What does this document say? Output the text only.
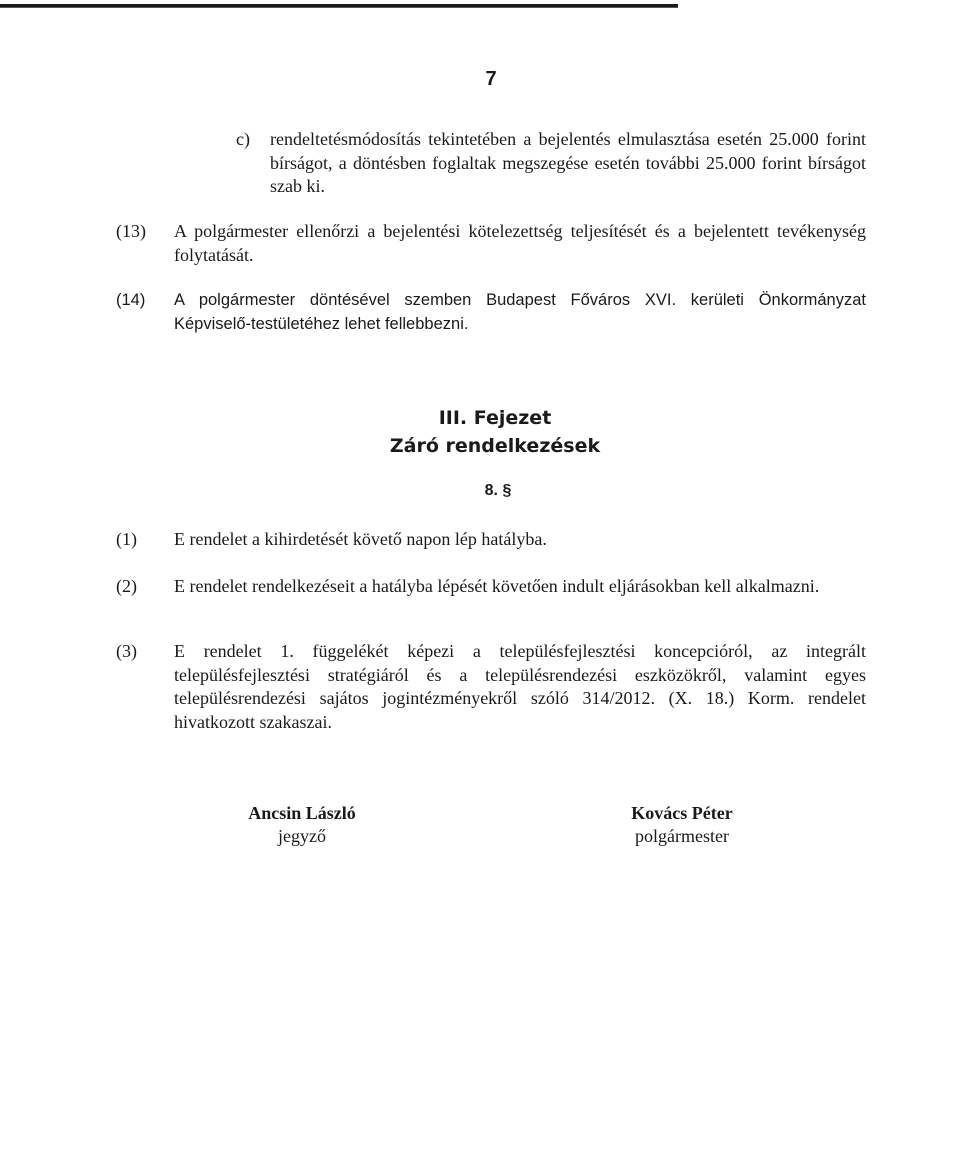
7
c) rendeltetésmódosítás tekintetében a bejelentés elmulasztása esetén 25.000 forint bírságot, a döntésben foglaltak megszegése esetén további 25.000 forint bírságot szab ki.
(13) A polgármester ellenőrzi a bejelentési kötelezettség teljesítését és a bejelentett tevékenység folytatását.
(14) A polgármester döntésével szemben Budapest Főváros XVI. kerületi Önkormányzat Képviselő-testületéhez lehet fellebbezni.
III. Fejezet
Záró rendelkezések
8. §
(1) E rendelet a kihirdetését követő napon lép hatályba.
(2) E rendelet rendelkezéseit a hatályba lépését követően indult eljárásokban kell alkalmazni.
(3) E rendelet 1. függelékét képezi a településfejlesztési koncepcióról, az integrált településfejlesztési stratégiáról és a településrendezési eszközökről, valamint egyes településrendezési sajátos jogintézményekről szóló 314/2012. (X. 18.) Korm. rendelet hivatkozott szakaszai.
Ancsin László
jegyző
Kovács Péter
polgármester
